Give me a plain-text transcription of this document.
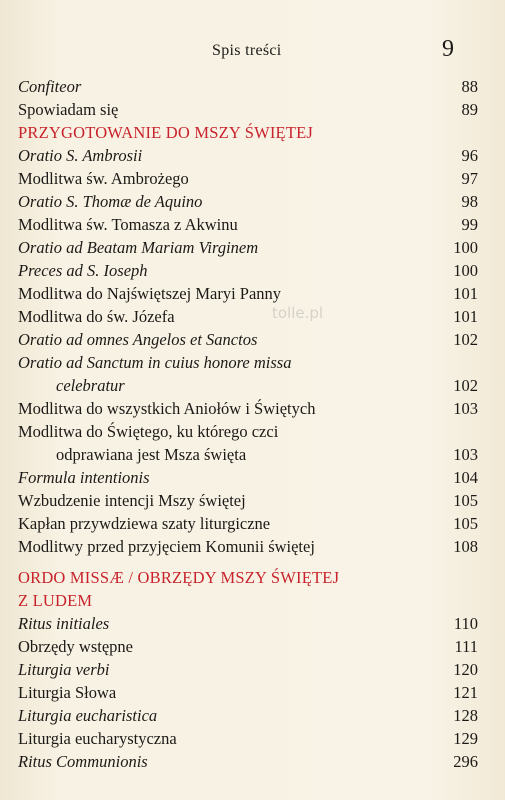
Spis treści	9
tolle.pl
Confiteor	88
Spowiadam się	89
PRZYGOTOWANIE DO MSZY ŚWIĘTEJ
Oratio S. Ambrosii	96
Modlitwa św. Ambrożego	97
Oratio S. Thomæ de Aquino	98
Modlitwa św. Tomasza z Akwinu	99
Oratio ad Beatam Mariam Virginem	100
Preces ad S. Ioseph	100
Modlitwa do Najświętszej Maryi Panny	101
Modlitwa do św. Józefa	101
Oratio ad omnes Angelos et Sanctos	102
Oratio ad Sanctum in cuius honore missa
celebratur	102
Modlitwa do wszystkich Aniołów i Świętych	103
Modlitwa do Świętego, ku którego czci
odprawiana jest Msza święta	103
Formula intentionis	104
Wzbudzenie intencji Mszy świętej	105
Kapłan przywdziewa szaty liturgiczne	105
Modlitwy przed przyjęciem Komunii świętej	108
ORDO MISSÆ / OBRZĘDY MSZY ŚWIĘTEJ
Z LUDEM
Ritus initiales	110
Obrzędy wstępne	111
Liturgia verbi	120
Liturgia Słowa	121
Liturgia eucharistica	128
Liturgia eucharystyczna	129
Ritus Communionis	296
